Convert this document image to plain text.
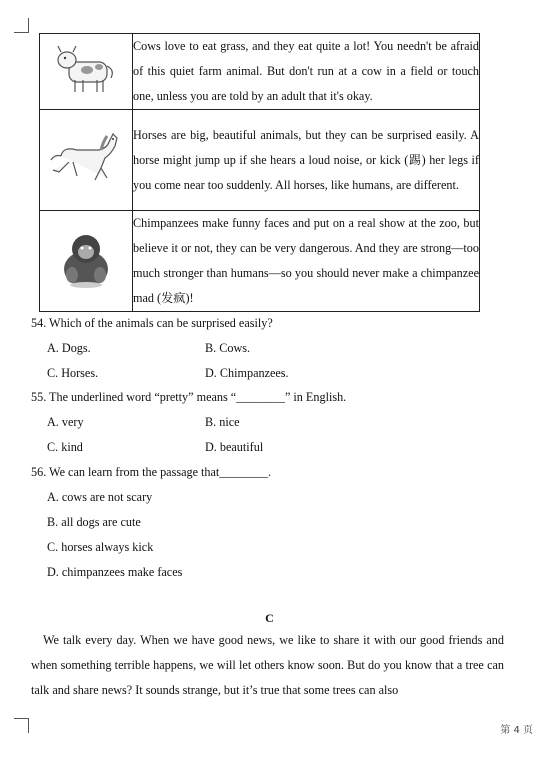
Cows love to eat grass, and they eat quite a lot! You needn't be afraid of this quiet farm animal. But don't run at a cow in a field or touch one, unless you are told by an adult that it's okay.

Horses are big, beautiful animals, but they can be surprised easily. A horse might jump up if she hears a loud noise, or kick (踢) her legs if you come near too suddenly. All horses, like humans, are different.

Chimpanzees make funny faces and put on a real show at the zoo, but believe it or not, they can be very dangerous. And they are strong—too much stronger than humans—so you should never make a chimpanzee mad (发疯)!

54. Which of the animals can be surprised easily?
A. Dogs.	B. Cows.
C. Horses.	D. Chimpanzees.
55. The underlined word “pretty” means “________” in English.
A. very	B. nice
C. kind	D. beautiful
56. We can learn from the passage that________.
A. cows are not scary
B. all dogs are cute
C. horses always kick
D. chimpanzees make faces
C

We talk every day. When we have good news, we like to share it with our good friends and when something terrible happens, we will let others know soon. But do you know that a tree can talk and share news? It sounds strange, but it’s true that some trees can also

第 4 页
